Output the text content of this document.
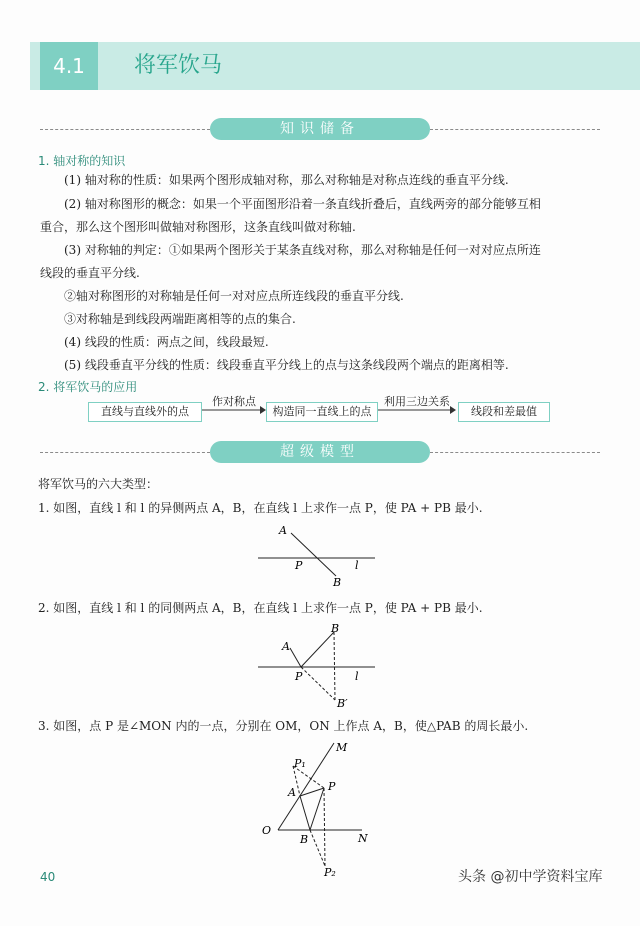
4.1	将军饮马
知识储备
1. 轴对称的知识
(1) 轴对称的性质：如果两个图形成轴对称，那么对称轴是对称点连线的垂直平分线.
(2) 轴对称图形的概念：如果一个平面图形沿着一条直线折叠后，直线两旁的部分能够互相
重合，那么这个图形叫做轴对称图形，这条直线叫做对称轴.
(3) 对称轴的判定：①如果两个图形关于某条直线对称，那么对称轴是任何一对对应点所连
线段的垂直平分线.
②轴对称图形的对称轴是任何一对对应点所连线段的垂直平分线.
③对称轴是到线段两端距离相等的点的集合.
(4) 线段的性质：两点之间，线段最短.
(5) 线段垂直平分线的性质：线段垂直平分线上的点与这条线段两个端点的距离相等.
2. 将军饮马的应用
直线与直线外的点
作对称点
构造同一直线上的点
利用三边关系
线段和差最值
超级模型
将军饮马的六大类型：
1. 如图，直线 l 和 l 的异侧两点 A，B，在直线 l 上求作一点 P，使 PA + PB 最小.
A
P	l
B
2. 如图，直线 l 和 l 的同侧两点 A，B，在直线 l 上求作一点 P，使 PA + PB 最小.
A
B
P	l
B′
3. 如图，点 P 是∠MON 内的一点，分别在 OM，ON 上作点 A，B，使△PAB 的周长最小.
M
P₁
P
A
O
B	N
P₂
40	头条 @初中学资料宝库
